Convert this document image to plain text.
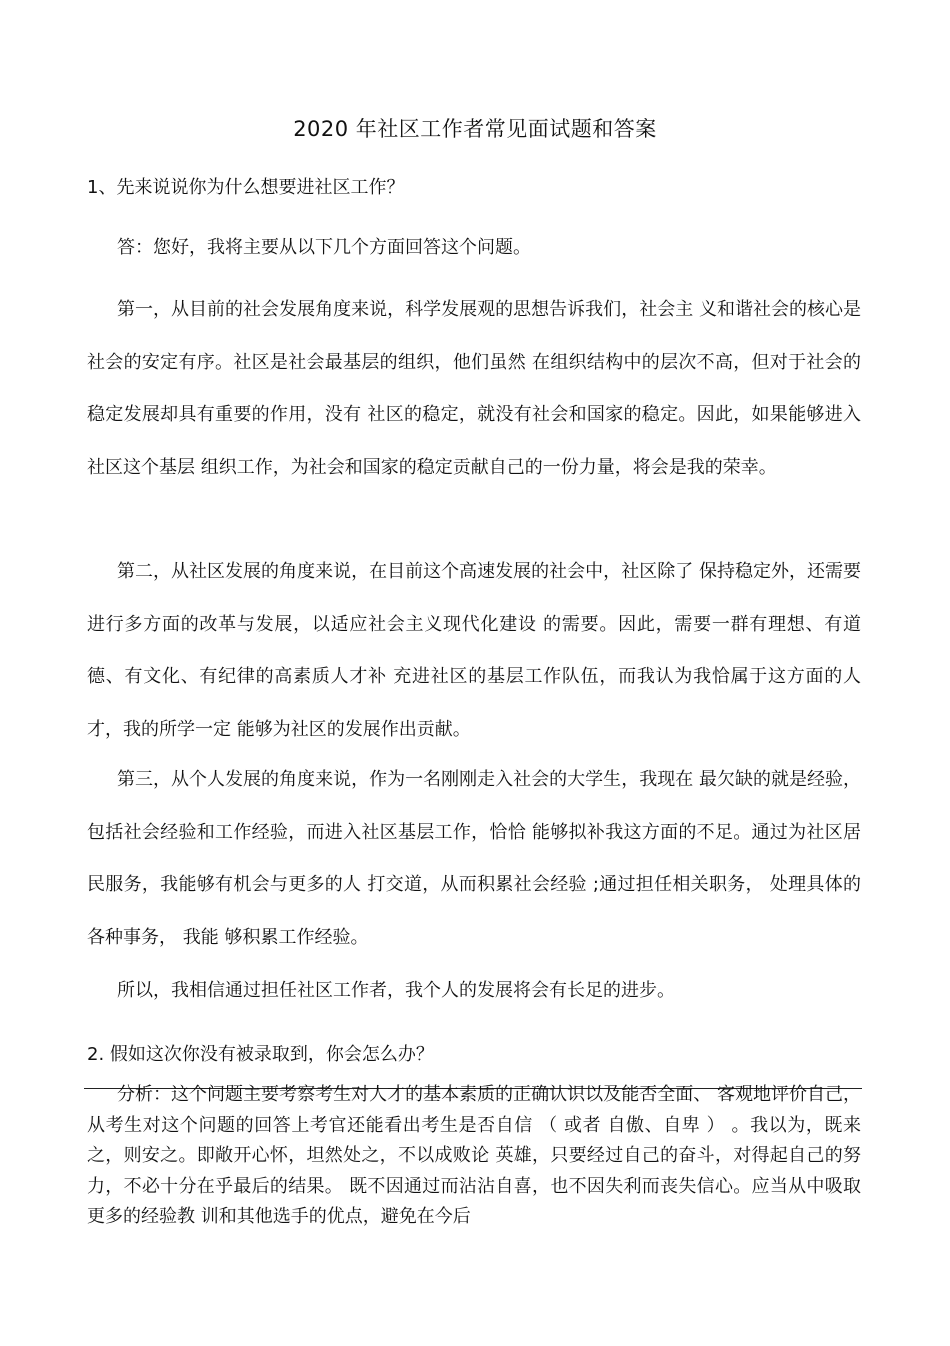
2020 年社区工作者常见面试题和答案
1、先来说说你为什么想要进社区工作？
答：您好，我将主要从以下几个方面回答这个问题。
第一，从目前的社会发展角度来说，科学发展观的思想告诉我们，社会主 义和谐社会的核心是社会的安定有序。社区是社会最基层的组织，他们虽然 在组织结构中的层次不高，但对于社会的稳定发展却具有重要的作用，没有 社区的稳定，就没有社会和国家的稳定。因此，如果能够进入社区这个基层 组织工作，为社会和国家的稳定贡献自己的一份力量，将会是我的荣幸。
第二，从社区发展的角度来说，在目前这个高速发展的社会中，社区除了 保持稳定外，还需要进行多方面的改革与发展，以适应社会主义现代化建设 的需要。因此，需要一群有理想、有道德、有文化、有纪律的高素质人才补 充进社区的基层工作队伍，而我认为我恰属于这方面的人才，我的所学一定 能够为社区的发展作出贡献。
第三，从个人发展的角度来说，作为一名刚刚走入社会的大学生，我现在 最欠缺的就是经验，包括社会经验和工作经验，而进入社区基层工作，恰恰 能够拟补我这方面的不足。通过为社区居民服务，我能够有机会与更多的人 打交道，从而积累社会经验 ;通过担任相关职务， 处理具体的各种事务， 我能 够积累工作经验。
所以，我相信通过担任社区工作者，我个人的发展将会有长足的进步。
2. 假如这次你没有被录取到，你会怎么办？
分析：这个问题主要考察考生对人才的基本素质的正确认识以及能否全面、 客观地评价自己， 从考生对这个问题的回答上考官还能看出考生是否自信 （ 或者 自傲、自卑 ） 。我以为，既来之，则安之。即敞开心怀，坦然处之，不以成败论 英雄，只要经过自己的奋斗，对得起自己的努力，不必十分在乎最后的结果。 既不因通过而沾沾自喜，也不因失利而丧失信心。应当从中吸取更多的经验教 训和其他选手的优点，避免在今后
